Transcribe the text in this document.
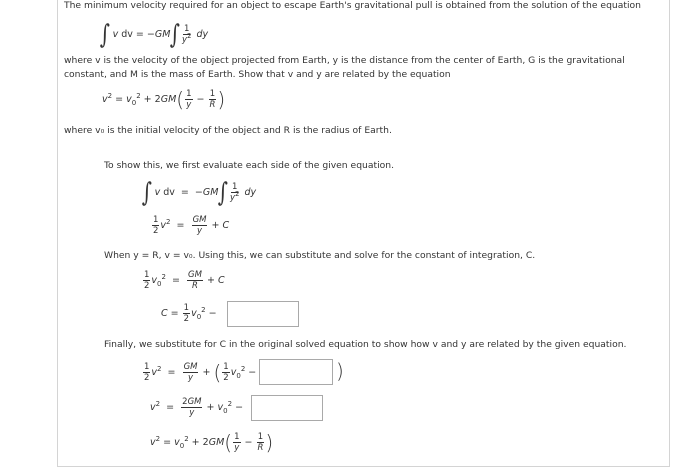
The minimum velocity required for an object to escape Earth's gravitational pull is obtained from the solution of the equation
∫ v dv = $-GM\int \frac{1}{y^2}$ dy
where v is the velocity of the object projected from Earth, y is the distance from the center of Earth, G is the gravitational
constant, and M is the mass of Earth. Show that v and y are related by the equation
$v^2 = v_0^2 + 2GM( \frac{1}{y} - \frac{1}{R}$ )
where v₀ is the initial velocity of the object and R is the radius of Earth.
To show this, we first evaluate each side of the given equation.
∫ v dv  =  $-GM\int \frac{1}{y^2}$ dy
$\frac{1}{2} v^2 = \frac{GM}{y} + C$
When y = R, v = v₀. Using this, we can substitute and solve for the constant of integration, C.
$\frac{1}{2} v_0^2 = \frac{GM}{R} + C$
$C = \frac{1}{2} v_0^2$ −
Finally, we substitute for C in the original solved equation to show how v and y are related by the given equation.
$\frac{1}{2} v^2 = \frac{GM}{y}$ + ( $\frac{1}{2} v_0^2$ −	)
$v^2 = \frac{2GM}{y} + v_0^2$ −
$v^2 = v_0^2 + 2GM( \frac{1}{y} - \frac{1}{R}$ )
